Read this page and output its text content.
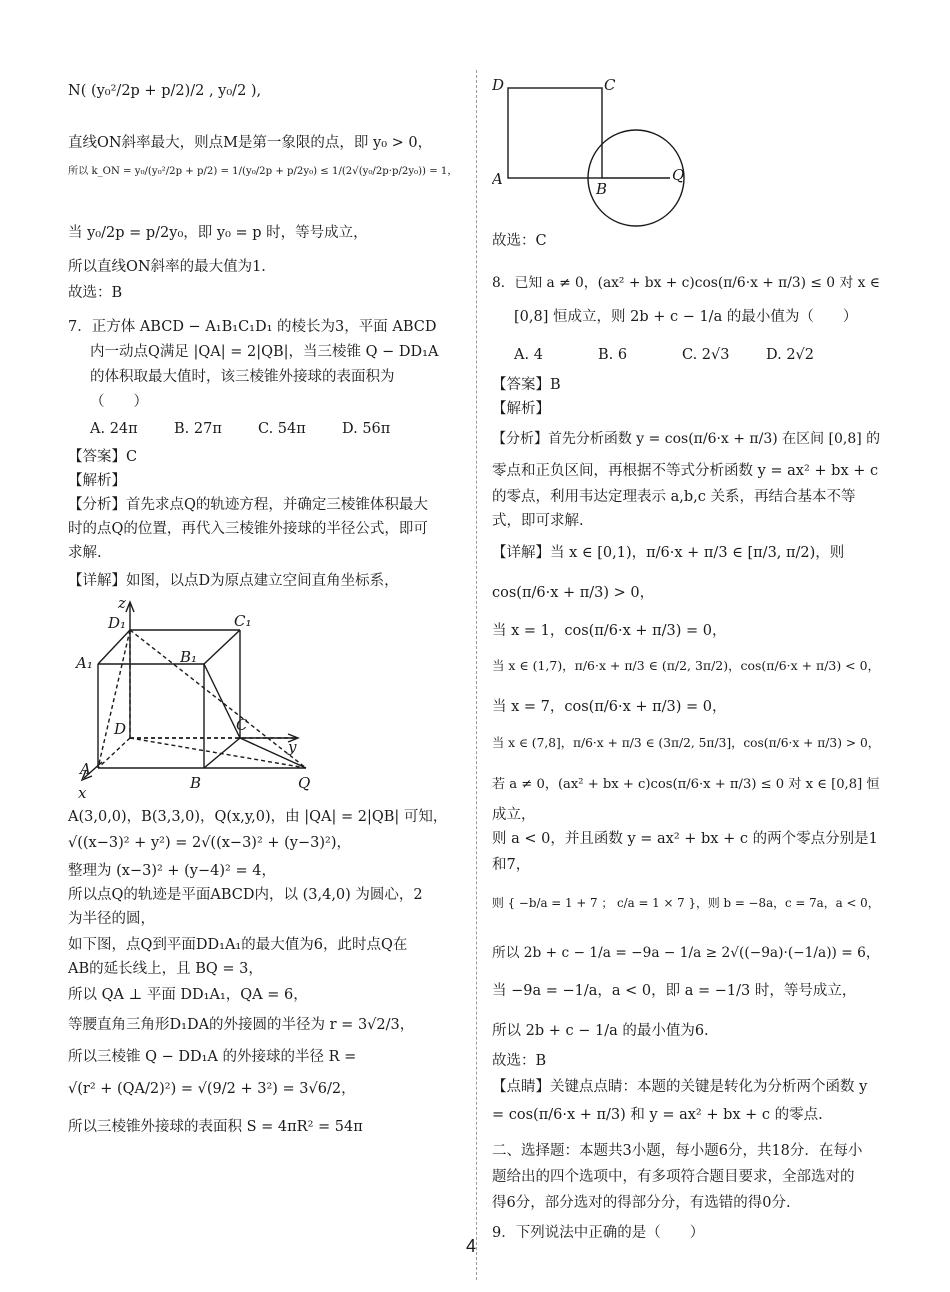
N( (y₀²/2p + p/2)/2 , y₀/2 ),
直线ON斜率最大，则点M是第一象限的点，即 y₀ > 0，
所以 k_ON = y₀/(y₀²/2p + p/2) = 1/(y₀/2p + p/2y₀) ≤ 1/(2√(y₀/2p·p/2y₀)) = 1，
当 y₀/2p = p/2y₀，即 y₀ = p 时，等号成立，
所以直线ON斜率的最大值为1.
故选：B
7．正方体 ABCD − A₁B₁C₁D₁ 的棱长为3，平面 ABCD
内一动点Q满足 |QA| = 2|QB|，当三棱锥 Q − DD₁A
的体积取最大值时，该三棱锥外接球的表面积为
（　　）
A. 24π	B. 27π C. 54π D. 56π
【答案】C
【解析】
【分析】首先求点Q的轨迹方程，并确定三棱锥体积最大
时的点Q的位置，再代入三棱锥外接球的半径公式，即可
求解.
【详解】如图，以点D为原点建立空间直角坐标系，
z
D₁	C₁
A₁	B₁
D	C
y
A
B	Q
x
A(3,0,0)，B(3,3,0)，Q(x,y,0)，由 |QA| = 2|QB| 可知，
√((x−3)² + y²) = 2√((x−3)² + (y−3)²)，
整理为 (x−3)² + (y−4)² = 4，
所以点Q的轨迹是平面ABCD内，以 (3,4,0) 为圆心，2
为半径的圆，
如下图，点Q到平面DD₁A₁的最大值为6，此时点Q在
AB的延长线上，且 BQ = 3，
所以 QA ⊥ 平面 DD₁A₁，QA = 6，
等腰直角三角形D₁DA的外接圆的半径为 r = 3√2/3，
所以三棱锥 Q − DD₁A 的外接球的半径 R =
√(r² + (QA/2)²) = √(9/2 + 3²) = 3√6/2，
所以三棱锥外接球的表面积 S = 4πR² = 54π
D	C
A
B
Q
故选：C
8．已知 a ≠ 0，(ax² + bx + c)cos(π/6·x + π/3) ≤ 0 对 x ∈
[0,8] 恒成立，则 2b + c − 1/a 的最小值为（　　）
A. 4	B. 6	C. 2√3	D. 2√2
【答案】B
【解析】
【分析】首先分析函数 y = cos(π/6·x + π/3) 在区间 [0,8] 的
零点和正负区间，再根据不等式分析函数 y = ax² + bx + c
的零点，利用韦达定理表示 a,b,c 关系，再结合基本不等
式，即可求解.
【详解】当 x ∈ [0,1)，π/6·x + π/3 ∈ [π/3, π/2)，则
cos(π/6·x + π/3) > 0，
当 x = 1，cos(π/6·x + π/3) = 0，
当 x ∈ (1,7)，π/6·x + π/3 ∈ (π/2, 3π/2)，cos(π/6·x + π/3) < 0，
当 x = 7，cos(π/6·x + π/3) = 0，
当 x ∈ (7,8]，π/6·x + π/3 ∈ (3π/2, 5π/3]，cos(π/6·x + π/3) > 0，
若 a ≠ 0，(ax² + bx + c)cos(π/6·x + π/3) ≤ 0 对 x ∈ [0,8] 恒
成立，
则 a < 0，并且函数 y = ax² + bx + c 的两个零点分别是1
和7，
则 { −b/a = 1 + 7 ； c/a = 1 × 7 }，则 b = −8a，c = 7a，a < 0，
所以 2b + c − 1/a = −9a − 1/a ≥ 2√((−9a)·(−1/a)) = 6，
当 −9a = −1/a，a < 0，即 a = −1/3 时，等号成立，
所以 2b + c − 1/a 的最小值为6.
故选：B
【点睛】关键点点睛：本题的关键是转化为分析两个函数 y
= cos(π/6·x + π/3) 和 y = ax² + bx + c 的零点.
二、选择题：本题共3小题，每小题6分，共18分．在每小
题给出的四个选项中，有多项符合题目要求，全部选对的
得6分，部分选对的得部分分，有选错的得0分.
9．下列说法中正确的是（　　）
4
